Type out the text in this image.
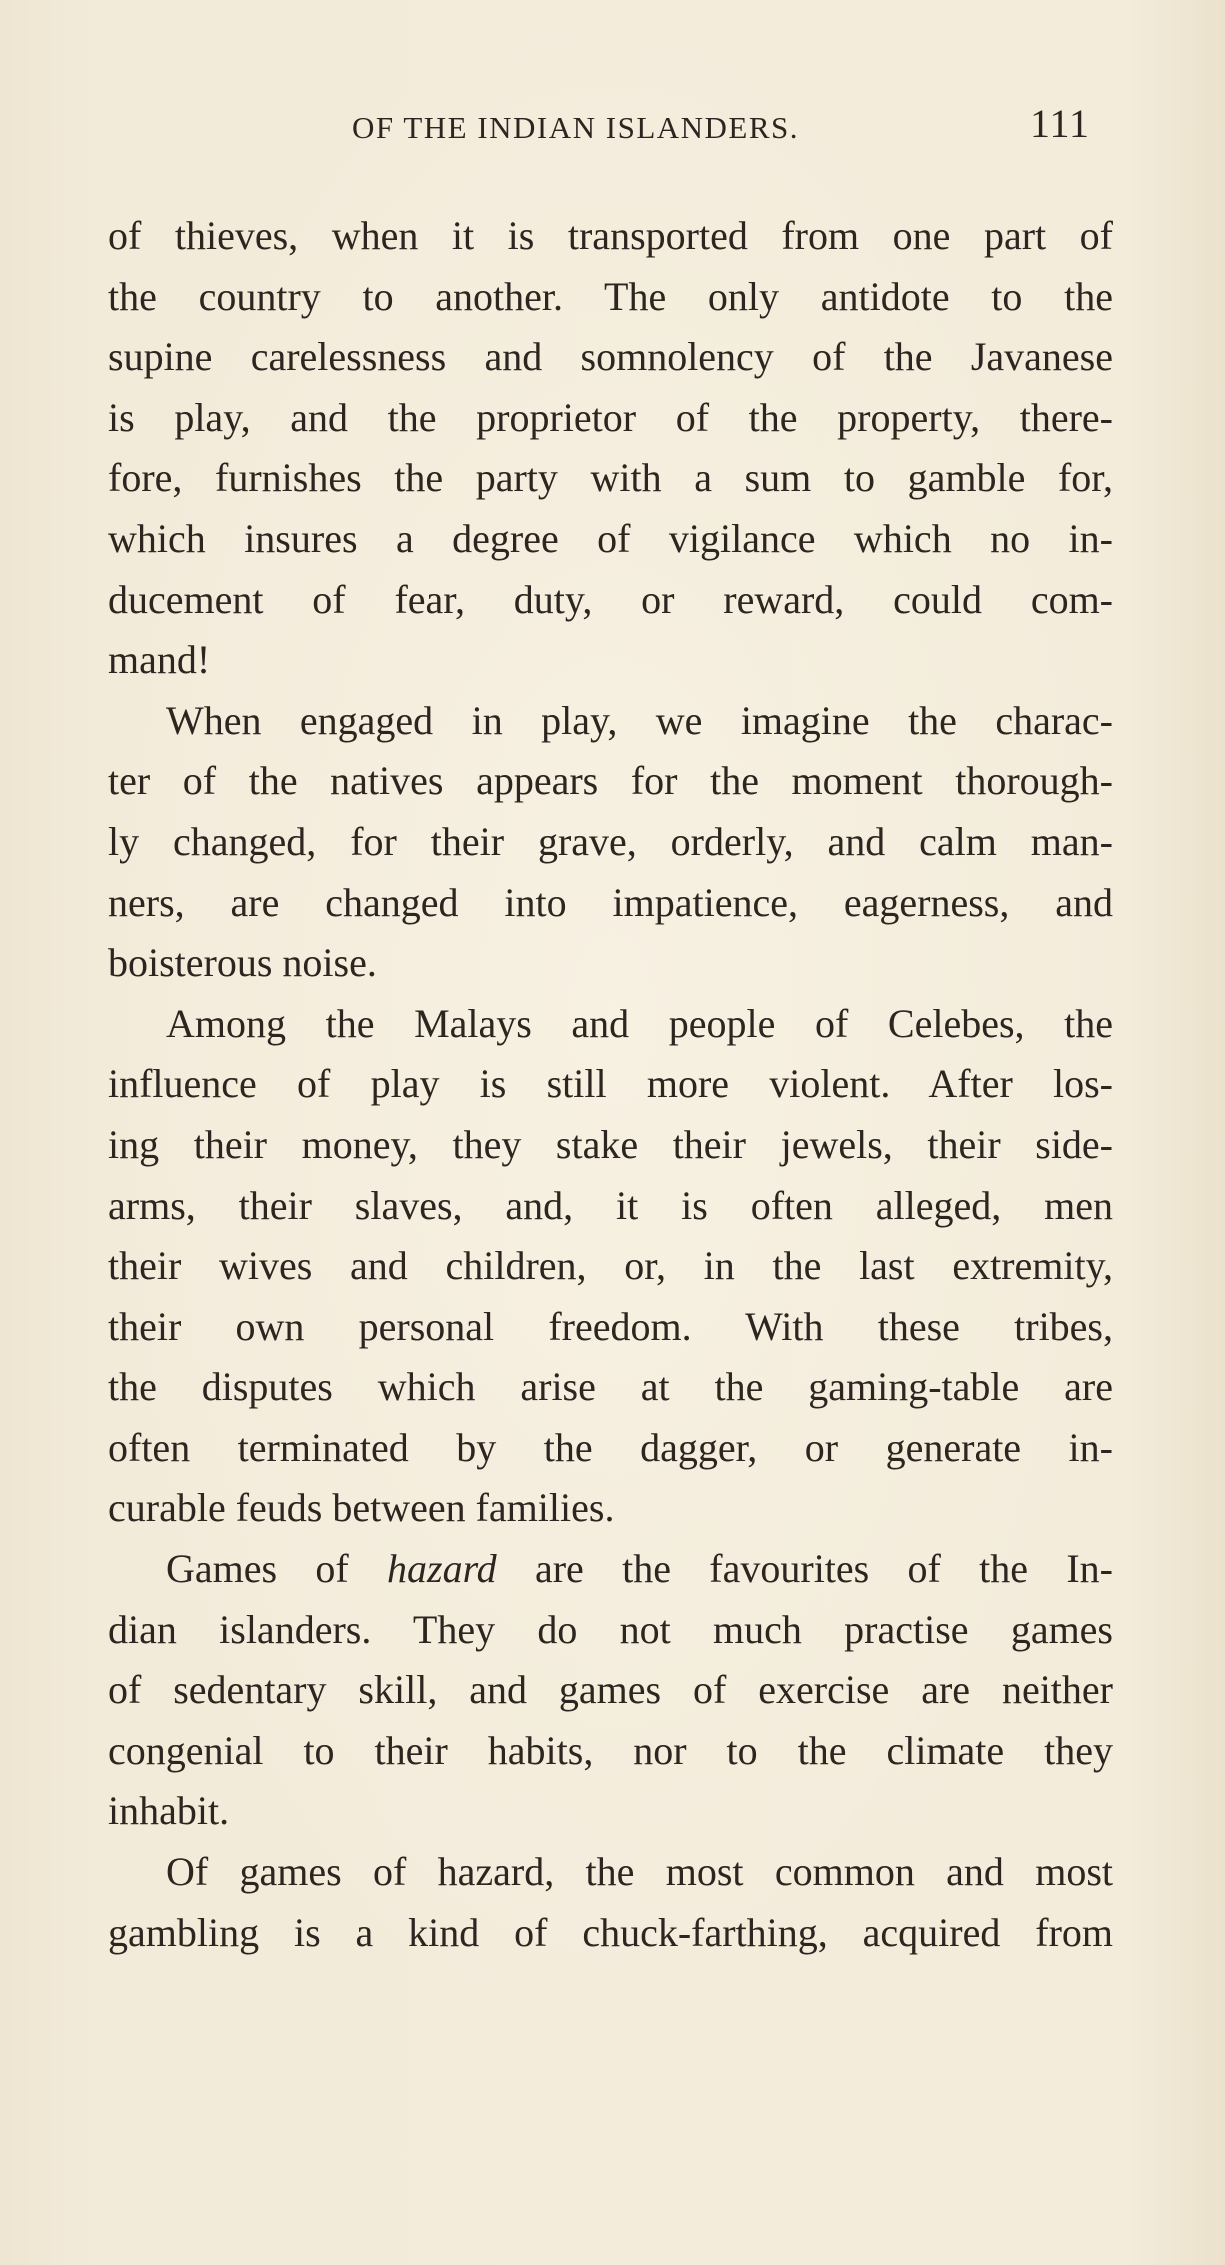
OF THE INDIAN ISLANDERS.	111
of thieves, when it is transported from one part of
the country to another. The only antidote to the
supine carelessness and somnolency of the Javanese
is play, and the proprietor of the property, there-
fore, furnishes the party with a sum to gamble for,
which insures a degree of vigilance which no in-
ducement of fear, duty, or reward, could com-
mand!
When engaged in play, we imagine the charac-
ter of the natives appears for the moment thorough-
ly changed, for their grave, orderly, and calm man-
ners, are changed into impatience, eagerness, and
boisterous noise.
Among the Malays and people of Celebes, the
influence of play is still more violent. After los-
ing their money, they stake their jewels, their side-
arms, their slaves, and, it is often alleged, men
their wives and children, or, in the last extremity,
their own personal freedom. With these tribes,
the disputes which arise at the gaming-table are
often terminated by the dagger, or generate in-
curable feuds between families.
Games of hazard are the favourites of the In-
dian islanders. They do not much practise games
of sedentary skill, and games of exercise are neither
congenial to their habits, nor to the climate they
inhabit.
Of games of hazard, the most common and most
gambling is a kind of chuck-farthing, acquired from
